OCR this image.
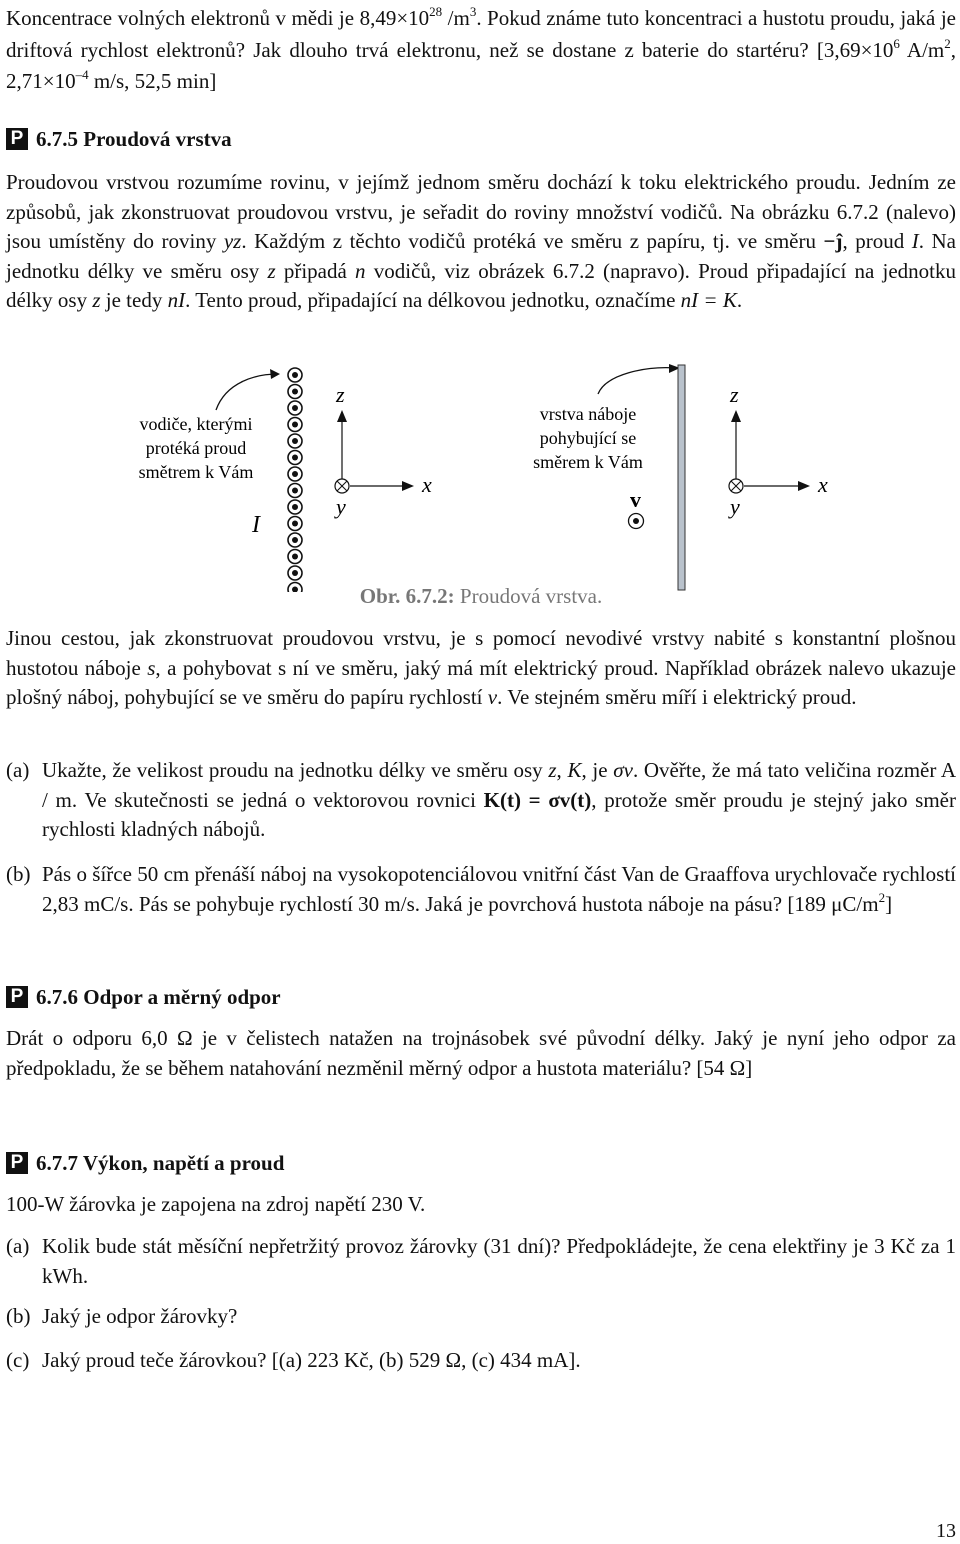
Koncentrace volných elektronů v mědi je $8,49\times 10^{28}$ $/m^3$. Pokud známe tuto koncentraci a hustotu proudu, jaká je driftová rychlost elektronů? Jak dlouho trvá elektronu, než se dostane z baterie do startéru? [$3,69\times 10^6$ $A/m^2$, $2,71\times 10^{-4}$ m/s, 52,5 min]

P 6.7.5 Proudová vrstva

Proudovou vrstvou rozumíme rovinu, v jejímž jednom směru dochází k toku elektrického proudu. Jedním ze způsobů, jak zkonstruovat proudovou vrstvu, je seřadit do roviny množství vodičů. Na obrázku 6.7.2 (nalevo) jsou umístěny do roviny yz. Každým z těchto vodičů protéká ve směru z papíru, tj. ve směru −ĵ, proud I. Na jednotku délky ve směru osy z připadá n vodičů, viz obrázek 6.7.2 (napravo). Proud připadající na jednotku délky osy z je tedy nI. Tento proud, připadající na délkovou jednotku, označíme nI = K.

vodiče, kterými
protéká proud
smětrem k Vám
I
z
x
y
vrstva náboje
pohybující se
směrem k Vám
v
z
x
y
Obr. 6.7.2: Proudová vrstva.

Jinou cestou, jak zkonstruovat proudovou vrstvu, je s pomocí nevodivé vrstvy nabité s konstantní plošnou hustotou náboje s, a pohybovat s ní ve směru, jaký má mít elektrický proud. Například obrázek nalevo ukazuje plošný náboj, pohybující se ve směru do papíru rychlostí v. Ve stejném směru míří i elektrický proud.

(a) Ukažte, že velikost proudu na jednotku délky ve směru osy z, K, je σv. Ověřte, že má tato veličina rozměr A / m. Ve skutečnosti se jedná o vektorovou rovnici K(t) = σv(t), protože směr proudu je stejný jako směr rychlosti kladných nábojů.

(b) Pás o šířce 50 cm přenáší náboj na vysokopotenciálovou vnitřní část Van de Graaffova urychlovače rychlostí 2,83 mC/s. Pás se pohybuje rychlostí 30 m/s. Jaká je povrchová hustota náboje na pásu? [189 $\mu C/m^2$]

P 6.7.6 Odpor a měrný odpor

Drát o odporu 6,0 Ω je v čelistech natažen na trojnásobek své původní délky. Jaký je nyní jeho odpor za předpokladu, že se během natahování nezměnil měrný odpor a hustota materiálu? [54 Ω]

P 6.7.7 Výkon, napětí a proud

100-W žárovka je zapojena na zdroj napětí 230 V.

(a) Kolik bude stát měsíční nepřetržitý provoz žárovky (31 dní)? Předpokládejte, že cena elektřiny je 3 Kč za 1 kWh.

(b) Jaký je odpor žárovky?

(c) Jaký proud teče žárovkou? [(a) 223 Kč, (b) 529 Ω, (c) 434 mA].

13
